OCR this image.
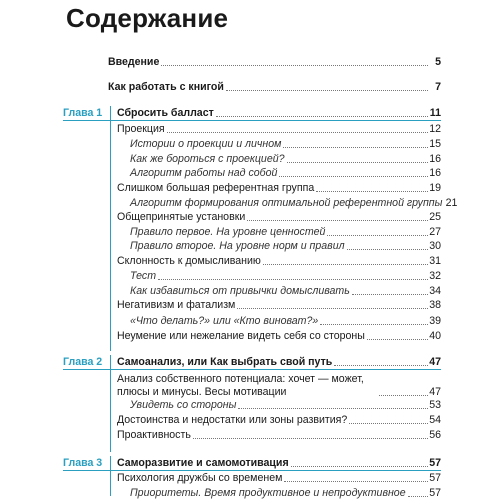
Содержание
Введение	5
Как работать с книгой	7
Глава 1 Сбросить балласт	11
Проекция	12
Истории о проекции и личном	15
Как же бороться с проекцией?	16
Алгоритм работы над собой	16
Слишком большая референтная группа	19
Алгоритм формирования оптимальной референтной группы 21
Общепринятые установки	25
Правило первое. На уровне ценностей	27
Правило второе. На уровне норм и правил	30
Склонность к домысливанию	31
Тест	32
Как избавиться от привычки домысливать	34
Негативизм и фатализм	38
«Что делать?» или «Кто виноват?»	39
Неумение или нежелание видеть себя со стороны	40
Глава 2 Самоанализ, или Как выбрать свой путь	47
Анализ собственного потенциала: хочет — может, плюсы и минусы. Весы мотивации	47
Увидеть со стороны	53
Достоинства и недостатки или зоны развития?	54
Проактивность	56
Глава 3 Саморазвитие и самомотивация	57
Психология дружбы со временем	57
Приоритеты. Время продуктивное и непродуктивное 57
